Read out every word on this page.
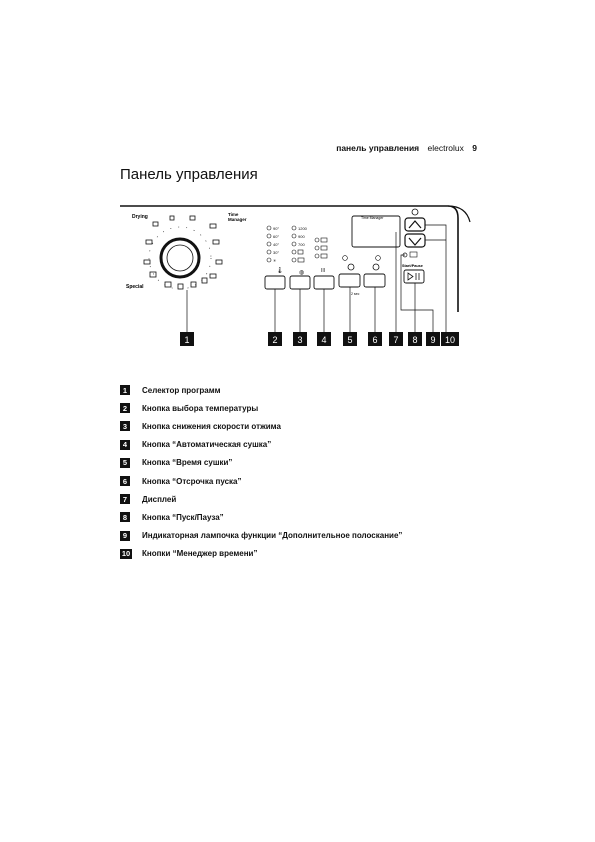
панель управления electrolux 9
Панель управления
Drying
Special
Time
Manager
90°
60°
40°
30°
✳
1200
900
700
🌡	◍	III
2 sec
Time Manager
Start/Pause
1	2 3 4 5 6 7 8 9 10
1	Селектор программ
2	Кнопка выбора температуры
3	Кнопка снижения скорости отжима
4	Кнопка “Автоматическая сушка”
5	Кнопка “Время сушки”
6	Кнопка “Отсрочка пуска”
7	Дисплей
8	Кнопка “Пуск/Пауза”
9	Индикаторная лампочка функции “Дополнительное полоскание”
10 Кнопки “Менеджер времени”
